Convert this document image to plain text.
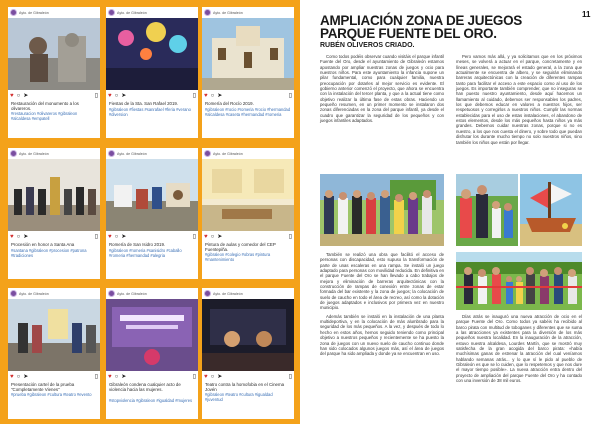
Ayto. de Gibraleón
♥ ○ ➤	▯
Restauración del monumento a los olivareros.
#restauracion #olivareros #gibraleon #alcaldesa #empatell
Ayto. de Gibraleón
♥ ○ ➤	▯
Fiestas de la Sta. San Rafael 2019.
#gibraleon #fiestas #sanrafael #feria #verano #diversion
Ayto. de Gibraleón
♥ ○ ➤	▯
Romería del Rocío 2019.
#gibraleon #rocio #romeria #rocio #hermandad #alcaldesa #caseta #hermandad #romeria
Ayto. de Gibraleón
♥ ○ ➤	▯
Procesión en honor a Santa Ana
#santana #gibraleon #procesion #patrona #tradiciones
Ayto. de Gibraleón
♥ ○ ➤	▯
Romería de San Isidro 2019.
#gibraleon #romeria #sanisidro #caballo #romeria #hermandad #alegria
Ayto. de Gibraleón
♥ ○ ➤	▯
Pintura de aulas y comedor del CEP Fuentepiña.
#gibraleon #colegio #obras #pintura #mantenimiento
Ayto. de Gibraleón
♥ ○ ➤	▯
Presentación cartel de la prueba "Completamente Vienes"
#prueba #gibraleon #cultura #teatro #evento
Ayto. de Gibraleón
♥ ○ ➤	▯
Gibraleón condena cualquier acto de violencia hacia las mujeres.
#stopviolencia #gibraleon #igualdad #mujeres
Ayto. de Gibraleón
♥ ○ ➤	▯
Teatro contra la homofobia en el Cinema Jovén
#gibraleon #teatro #cultura #igualdad #juventud
11
AMPLIACIÓN ZONA DE JUEGOS PARQUE FUENTE DEL ORO.
RUBÉN OLIVEROS CRIADO.

Como todos podéis observar cuando visitáis el parque infantil Fuente del Oro, desde el ayuntamiento de Gibraleón estamos apostando por ampliar nuestras zonas de juegos y ocio para nuestros niños. Para este ayuntamiento la infancia supone un pilar fundamental, como para cualquier familia, nuestra preocupación por dotarles al mejor servicio es evidente. El gobierno anterior comenzó el proyecto, que ahora se encuentra con la instalación del tercer planta, y que a la actual tiene como objetivo realizar la última fase de estas obras. Haciendo un pequeño resumen, en un primer momento se instalaron dos zonas diferenciadas en la zona del parque infantil, ya desde el cuadro que garantizar la seguridad de los pequeños y con juegos infantiles adaptados.

Pero vamos más allá, y ya solicitamos que en los próximos meses, se volverá a actuar en el parque, concretamente y en líneas generales, se mejorará el estado general, a la zona que actualmente se encuentra de albero, y se seguirán eliminando barreras arquitectónicas con la creación de diferentes rampas tanto para facilitar el acceso a este espacio como al uso de los juegos. Es importante también comprender, que no inseguras se han puesto nuestro ayuntamiento, desde aquí hacemos un llamamiento al cuidado, debemos ser responsables los padres, los que debemos educar en valores a nuestros hijos, ser respetuosos y corregirlos a nuestros niños. Cumplir las normas establecidas para el uso de estas instalaciones, el abandono de estos elementos, desde los más pequeños hasta niños ya más grandes. Debemos cuidar nuestras zonas, porque si no es nuestro, a los que nos cuesta el dinero, y sobre todo que puedan disfrutar los durante mucho tiempo no solo nuestros niños, sino también los niños que están por llegar.

También se realizó una obra que facilitó el acceso de personas con discapacidad, esto supuso la transformación de parte de unas escaleras en una rampa. Se instaló un juego adaptado para personas con movilidad reducida. En definitiva en el parque Fuente del Oro se han llevado a cabo trabajos de mejora y eliminación de barreras arquitectónicas con la construcción de rampas de conexión entre zonas de estar formada del bar existente y la zona de juegos; la colocación de suelo de caucho en todo el área de recreo, así como la dotación de juegos adaptados e inclusivos por primera vez en nuestro municipio.

Además también se instaló en la instalación de una planta multideportiva, y en la colocación de más alumbrado para la seguridad de los más pequeños. A la vez, y después de todo lo hecho en estos años, hemos seguido teniendo como principal objetivo a nuestros pequeños y recientemente se ha puesto la zona de juegos con un nuevo suelo de caucho continuo donde han sido colocados algunos juegos más, así el área de juegos del parque ha sido ampliada y donde ya se encuentran en uso.

Días atrás se inauguró una nueva atracción de ocio en el parque Fuente del Oro. Como todos ya sabéis ha recibido al barco pirata con multitud de toboganes y diferentes que se suma a las atracciones ya existentes para la diversión de los más pequeños nuestra localidad. En la inauguración de la atracción, estuvo nuestra alcaldesa, Lourdes Martín, que se mostró muy satisfecha de la gran acogida del barco pirata: «había muchísimas ganas de estrenar la atracción del cual veníamos hablando semanas atrás... y lo que sí le pido al pueblo de Gibraleón es que se lo cuiden, que lo respetemos y que nos dure el mayor tiempo posible». La nueva atracción entra dentro del proyecto de ampliación del parque Fuente del Oro y ha contado con una inversión de 38 mil euros.
